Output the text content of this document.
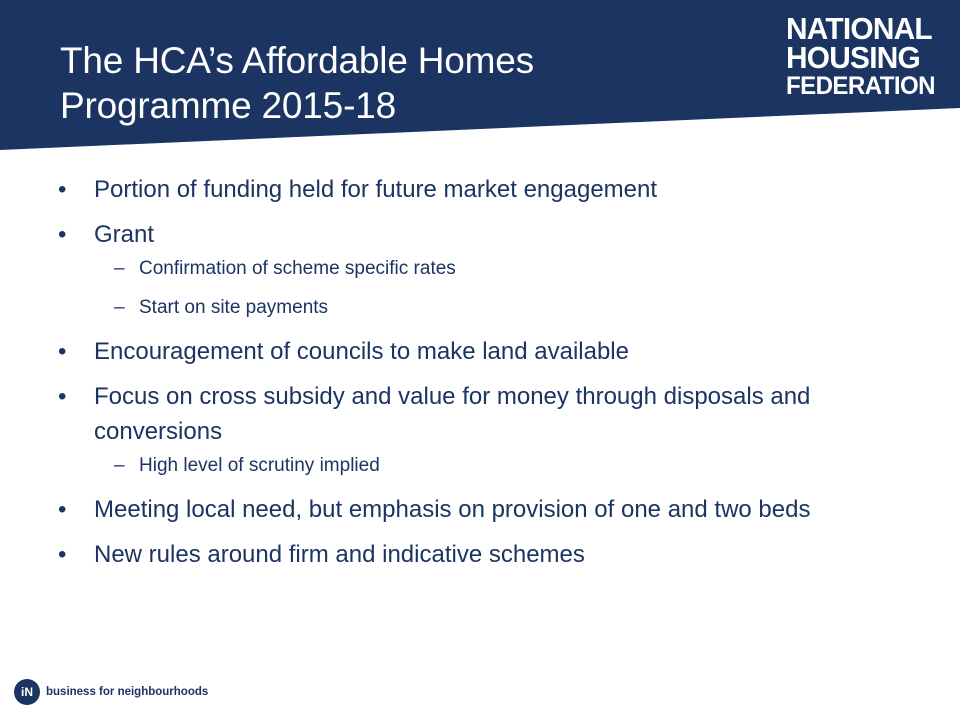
The HCA’s Affordable Homes
Programme 2015-18
NATIONAL
HOUSING
FEDERATION
• Portion of funding held for future market engagement
• Grant
– Confirmation of scheme specific rates
– Start on site payments
• Encouragement of councils to make land available
• Focus on cross subsidy and value for money through disposals and conversions
– High level of scrutiny implied
• Meeting local need, but emphasis on provision of one and two beds
• New rules around firm and indicative schemes
iN business for neighbourhoods
